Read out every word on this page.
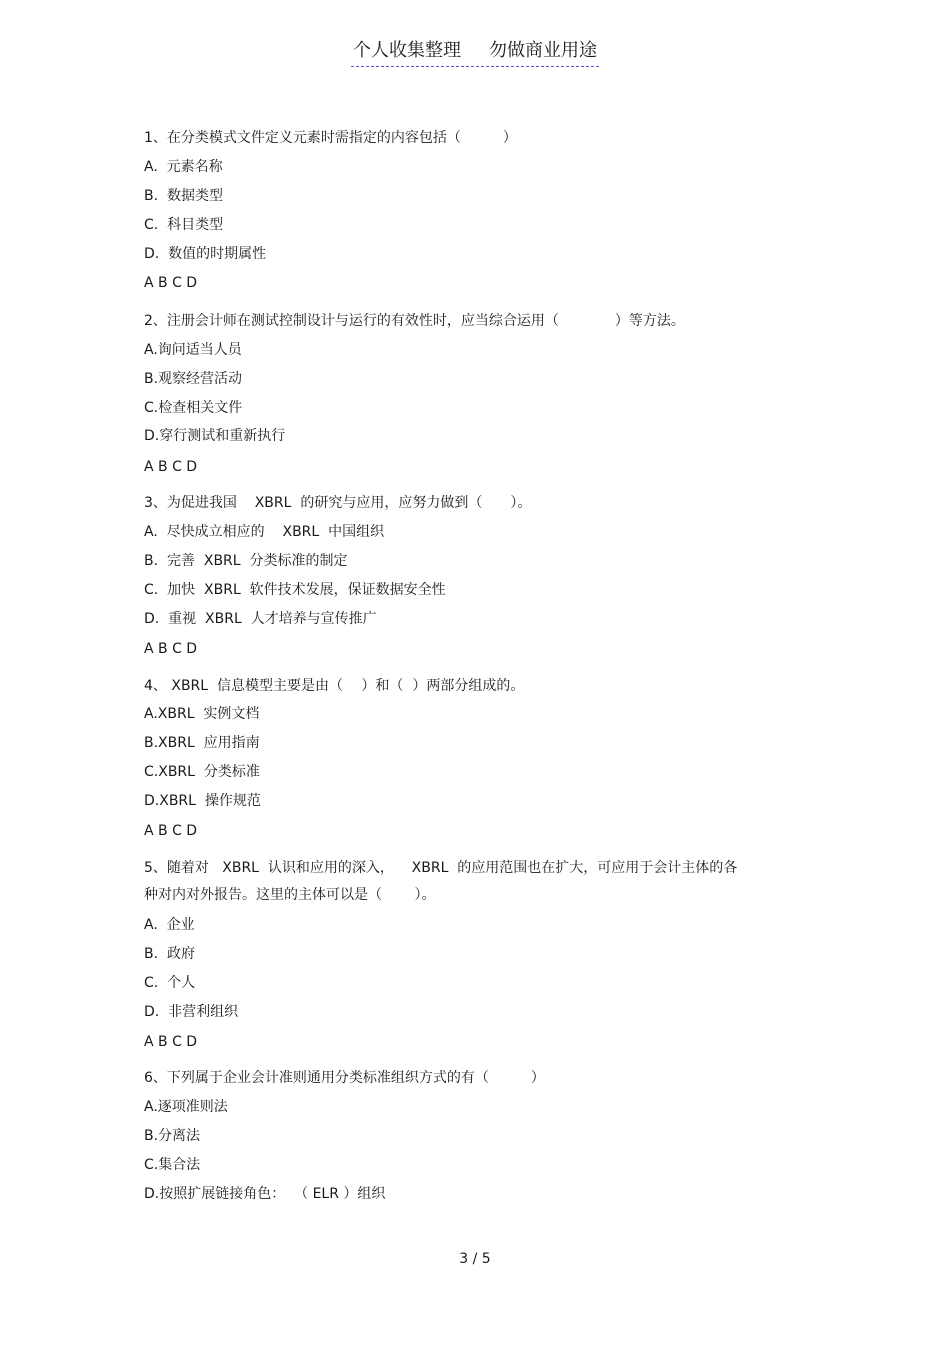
个人收集整理 勿做商业用途
1、在分类模式文件定义元素时需指定的内容包括（　　　）
A.  元素名称
B.  数据类型
C.  科目类型
D.  数值的时期属性
A B C D
2、注册会计师在测试控制设计与运行的有效性时，应当综合运用（　　　　）等方法。
A.询问适当人员
B.观察经营活动
C.检查相关文件
D.穿行测试和重新执行
A B C D
3、为促进我国    XBRL  的研究与应用，应努力做到（　　）。
A.  尽快成立相应的    XBRL  中国组织
B.  完善  XBRL  分类标准的制定
C.  加快  XBRL  软件技术发展，保证数据安全性
D.  重视  XBRL  人才培养与宣传推广
A B C D
4、 XBRL  信息模型主要是由（　 ）和（  ）两部分组成的。
A.XBRL  实例文档
B.XBRL  应用指南
C.XBRL  分类标准
D.XBRL  操作规范
A B C D
5、随着对   XBRL  认识和应用的深入，    XBRL  的应用范围也在扩大，可应用于会计主体的各
种对内对外报告。这里的主体可以是（　　 ）。
A.  企业
B.  政府
C.  个人
D.  非营利组织
A B C D
6、下列属于企业会计准则通用分类标准组织方式的有（　　　）
A.逐项准则法
B.分离法
C.集合法
D.按照扩展链接角色：  （ ELR ）组织
3 / 5
